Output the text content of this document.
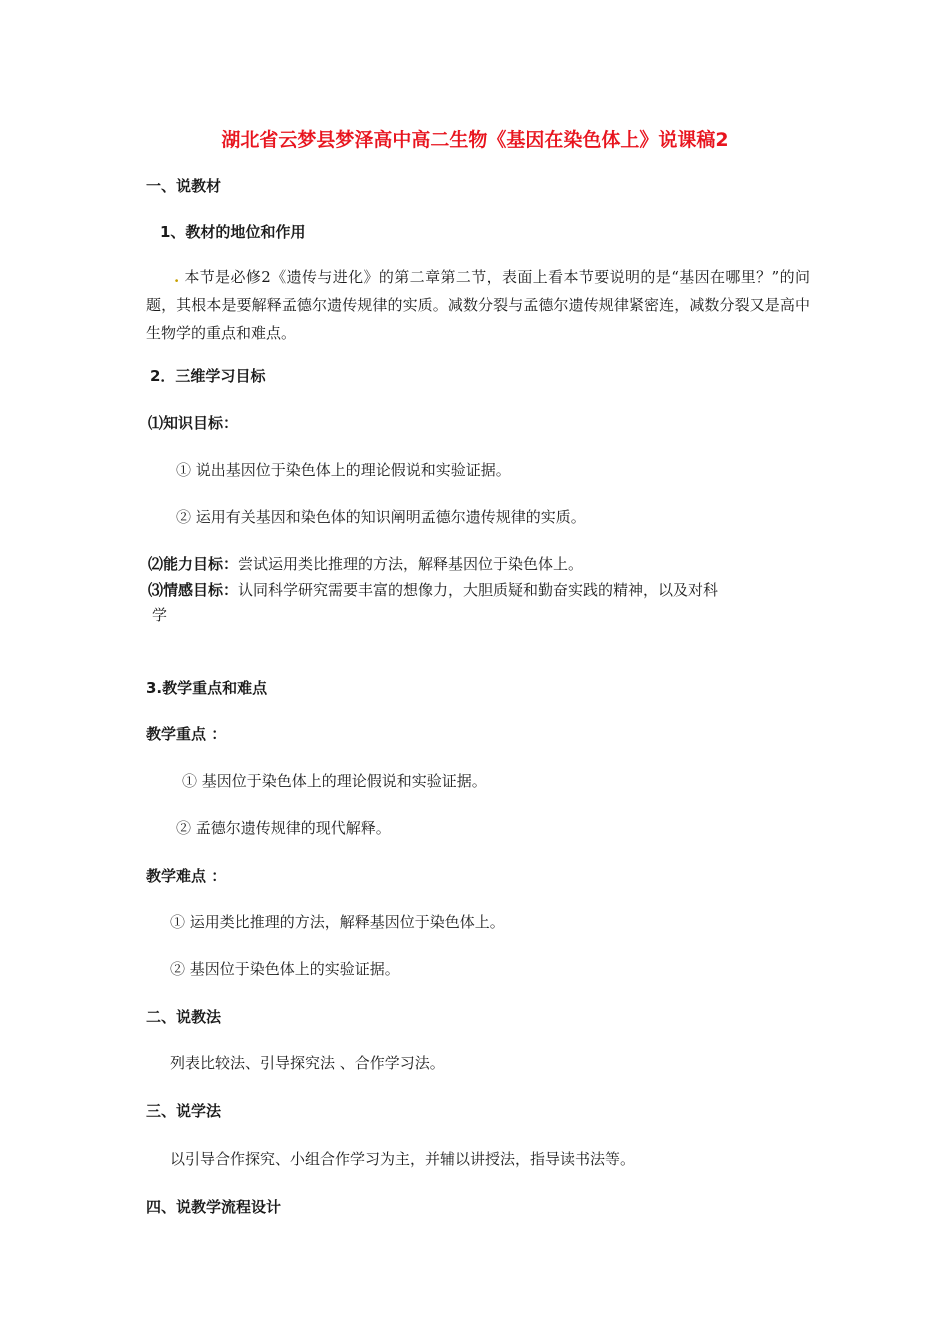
湖北省云梦县梦泽高中高二生物《基因在染色体上》说课稿2
一、说教材
1、教材的地位和作用
. 本节是必修2《遗传与进化》的第二章第二节，表面上看本节要说明的是“基因在哪里？”的问题，其根本是要解释孟德尔遗传规律的实质。减数分裂与孟德尔遗传规律紧密连，减数分裂又是高中生物学的重点和难点。
2．三维学习目标
⑴知识目标：
① 说出基因位于染色体上的理论假说和实验证据。
② 运用有关基因和染色体的知识阐明孟德尔遗传规律的实质。
⑵能力目标：尝试运用类比推理的方法，解释基因位于染色体上。
⑶情感目标：认同科学研究需要丰富的想像力，大胆质疑和勤奋实践的精神，以及对科
学
3.教学重点和难点
教学重点 ：
① 基因位于染色体上的理论假说和实验证据。
② 孟德尔遗传规律的现代解释。
教学难点 ：
① 运用类比推理的方法，解释基因位于染色体上。
② 基因位于染色体上的实验证据。
二、说教法
列表比较法、引导探究法 、合作学习法。
三、说学法
以引导合作探究、小组合作学习为主，并辅以讲授法，指导读书法等。
四、说教学流程设计
